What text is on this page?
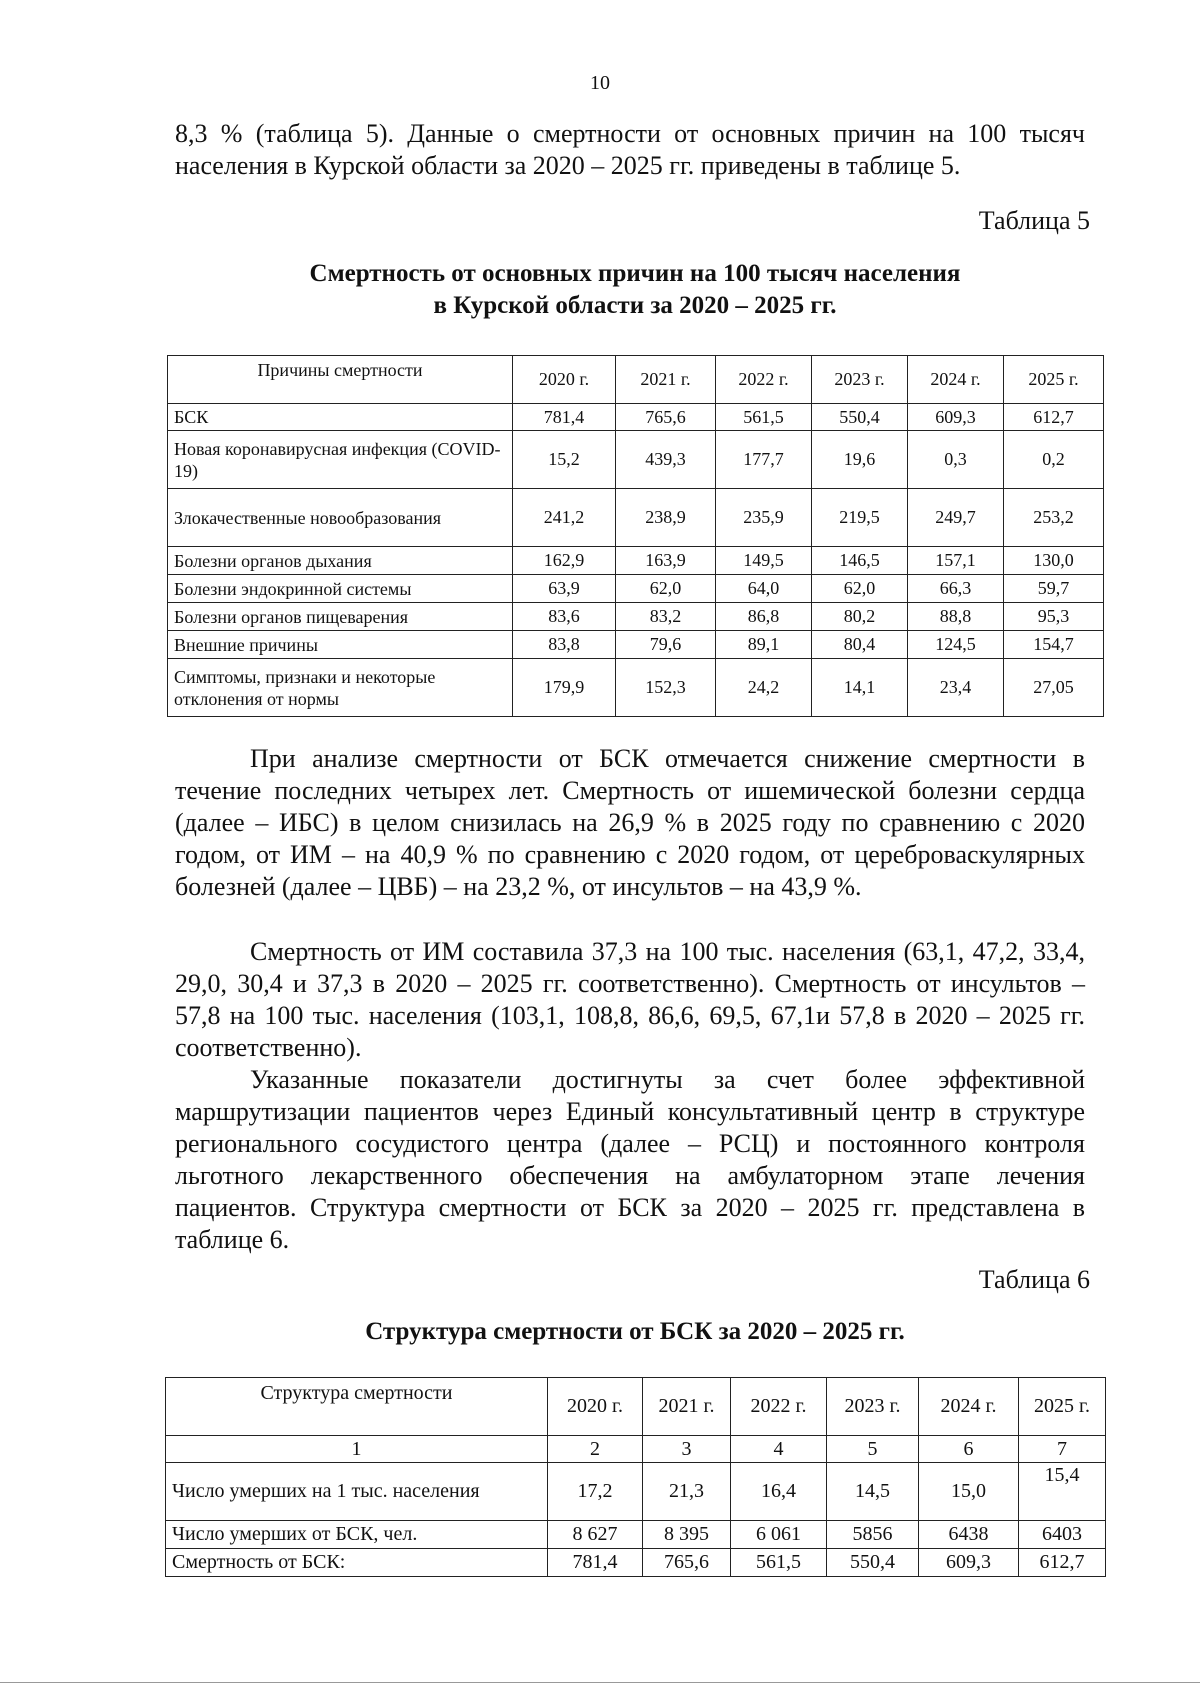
10

8,3 % (таблица 5). Данные о смертности от основных причин на 100 тысяч населения в Курской области за 2020 – 2025 гг. приведены в таблице 5.

Таблица 5
Смертность от основных причин на 100 тысяч населения
в Курской области за 2020 – 2025 гг.
Причины смертности	2020 г.	2021 г.	2022 г.	2023 г.	2024 г.	2025 г.
БСК	781,4	765,6	561,5	550,4	609,3	612,7
Новая коронавирусная инфекция (COVID-19)	15,2	439,3	177,7	19,6	0,3	0,2
Злокачественные новообразования	241,2	238,9	235,9	219,5	249,7	253,2
Болезни органов дыхания	162,9	163,9	149,5	146,5	157,1	130,0
Болезни эндокринной системы	63,9	62,0	64,0	62,0	66,3	59,7
Болезни органов пищеварения	83,6	83,2	86,8	80,2	88,8	95,3
Внешние причины	83,8	79,6	89,1	80,4	124,5	154,7
Симптомы, признаки и некоторые отклонения от нормы	179,9	152,3	24,2	14,1	23,4	27,05

При анализе смертности от БСК отмечается снижение смертности в течение последних четырех лет. Смертность от ишемической болезни сердца (далее – ИБС) в целом снизилась на 26,9 % в 2025 году по сравнению с 2020 годом, от ИМ – на 40,9 % по сравнению с 2020 годом, от цереброваскулярных болезней (далее – ЦВБ) – на 23,2 %, от инсультов – на 43,9 %.

Смертность от ИМ составила 37,3 на 100 тыс. населения (63,1, 47,2, 33,4, 29,0, 30,4 и 37,3 в 2020 – 2025 гг. соответственно). Смертность от инсультов – 57,8 на 100 тыс. населения (103,1, 108,8, 86,6, 69,5, 67,1и 57,8 в 2020 – 2025 гг. соответственно).

Указанные показатели достигнуты за счет более эффективной маршрутизации пациентов через Единый консультативный центр в структуре регионального сосудистого центра (далее – РСЦ) и постоянного контроля льготного лекарственного обеспечения на амбулаторном этапе лечения пациентов. Структура смертности от БСК за 2020 – 2025 гг. представлена в таблице 6.

Таблица 6
Структура смертности от БСК за 2020 – 2025 гг.
Структура смертности	2020 г.	2021 г.	2022 г.	2023 г.	2024 г.	2025 г.
1	2	3	4	5	6	7
Число умерших на 1 тыс. населения	17,2	21,3	16,4	14,5	15,0	15,4
Число умерших от БСК, чел.	8 627	8 395	6 061	5856	6438	6403
Смертность от БСК:	781,4	765,6	561,5	550,4	609,3	612,7
